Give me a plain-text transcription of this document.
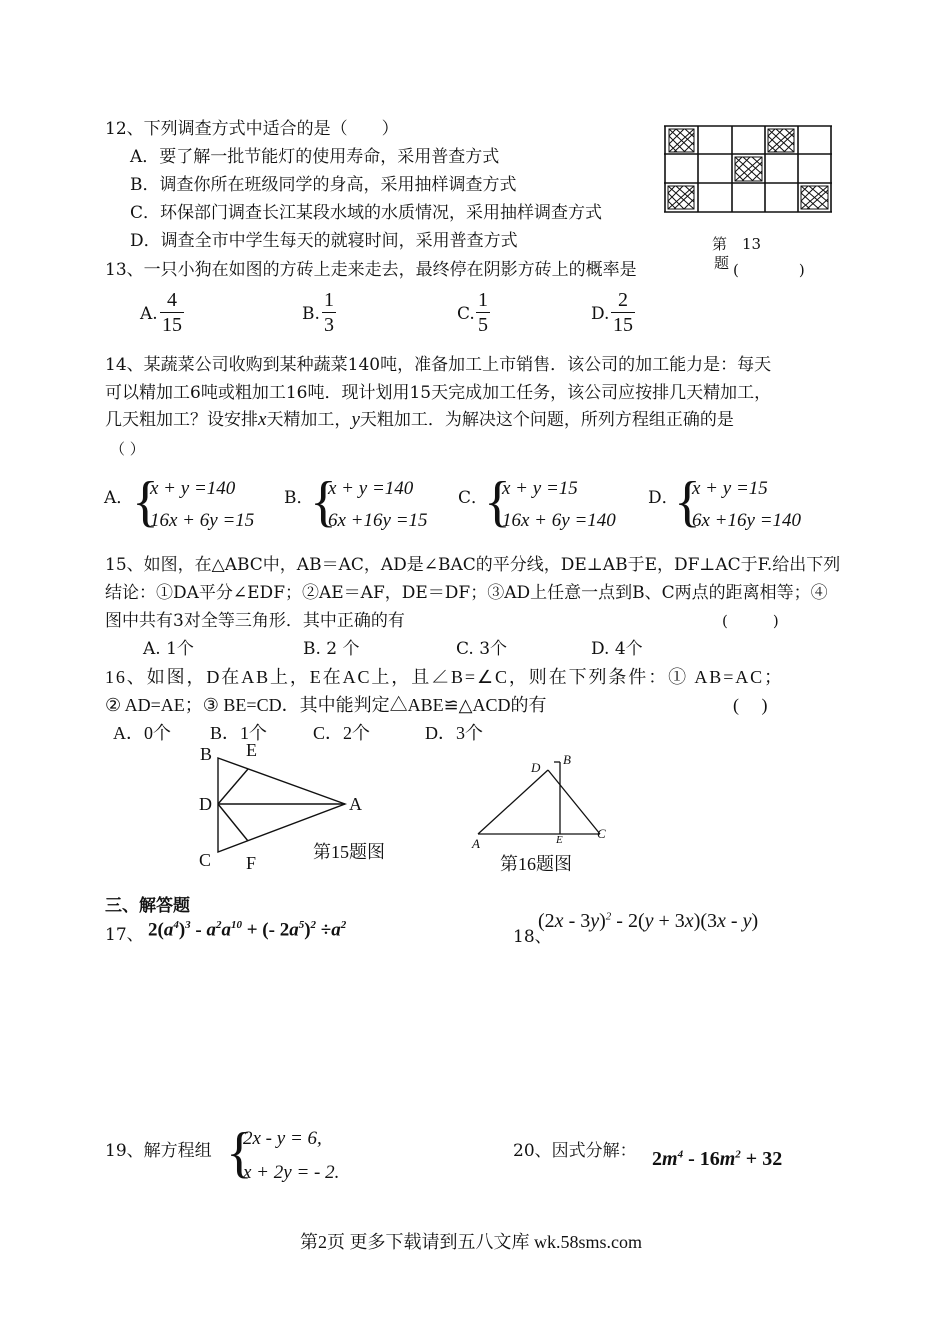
12、下列调查方式中适合的是（　　）
A．要了解一批节能灯的使用寿命，采用普查方式
B．调查你所在班级同学的身高，采用抽样调查方式
C．环保部门调查长江某段水域的水质情况，采用抽样调查方式
D．调查全市中学生每天的就寝时间，采用普查方式	第　13
题
13、一只小狗在如图的方砖上走来走去，最终停在阴影方砖上的概率是	(　　　　)
A. $\frac{4}{15}$	B. $\frac{1}{3}$	C. $\frac{1}{5}$	D. $\frac{2}{15}$
14、某蔬菜公司收购到某种蔬菜140吨，准备加工上市销售．该公司的加工能力是：每天
可以精加工6吨或粗加工16吨．现计划用15天完成加工任务，该公司应按排几天精加工，
几天粗加工？设安排x天精加工，y天粗加工．为解决这个问题，所列方程组正确的是
（ ）
A．
{
x + y =140
16x + 6y =15
B．
{
x + y =140
6x +16y =15
C．
{
x + y =15
16x + 6y =140
D．
{
x + y =15
6x +16y =140
15、如图，在△ABC中，AB＝AC，AD是∠BAC的平分线，DE⊥AB于E，DF⊥AC于F.给出下列
结论：①DA平分∠EDF；②AE＝AF，DE＝DF；③AD上任意一点到B、C两点的距离相等；④
图中共有3对全等三角形．其中正确的有	(　　　)
A. 1个	B. 2 个	C. 3个	D. 4个
16、如图，D在AB上，E在AC上，且∠B=∠C，则在下列条件：① AB=AC；
② AD=AE；③ BE=CD．其中能判定△ABE≌△ACD的有	(　 )
A．0个 B．1个	C．2个	D．3个
B E
D	A
C F
第15题图
D
B
A	E	C
第16题图
三、解答题
17、 $2(a^4)^3 - a^2a^{10}$ + (- $2a^5)^2 \div a^2$
18、
(2x - 3y)$^2$ - 2(y + 3x)(3x - y)
19、解方程组 {
2x - y = 6,
x + 2y = - 2.
20、因式分解： $2m^4 - 16m^2 + 32$
第2页 更多下载请到五八文库 wk.58sms.com
